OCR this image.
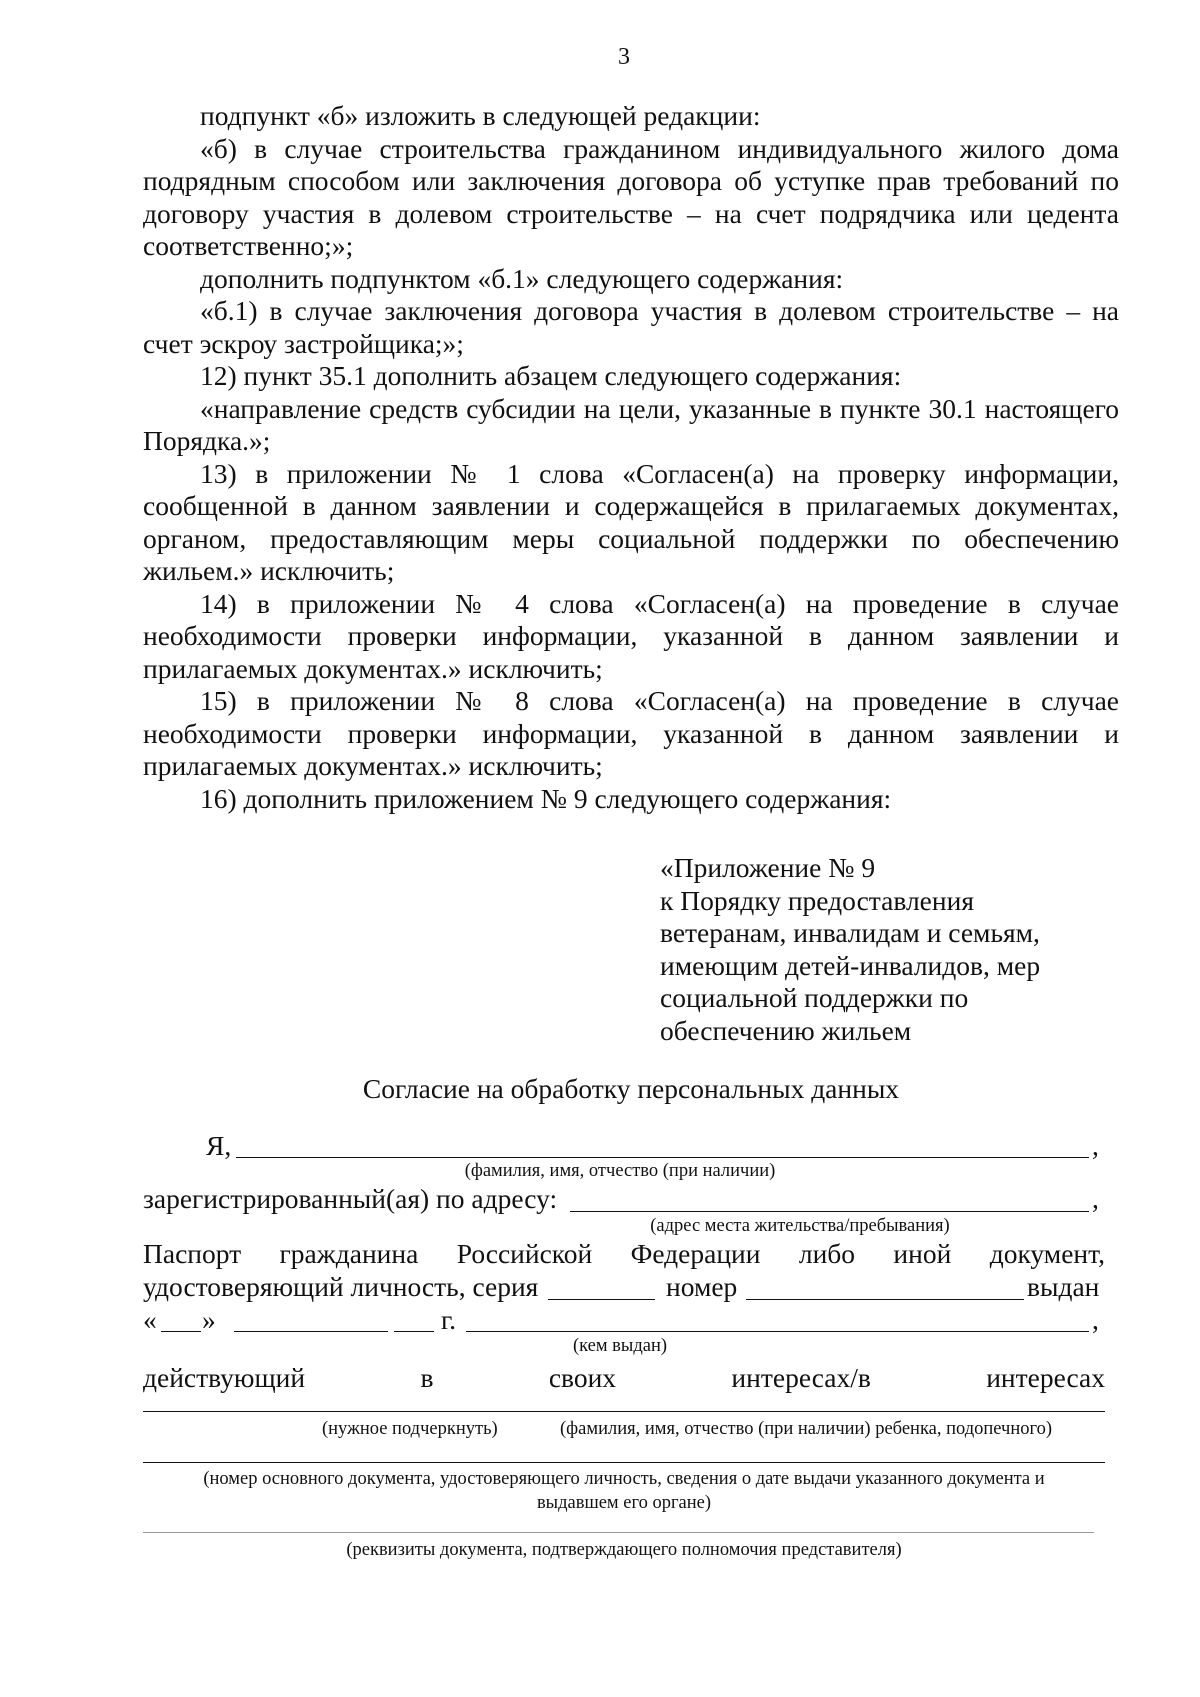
3

подпункт «б» изложить в следующей редакции:

«б) в случае строительства гражданином индивидуального жилого дома подрядным способом или заключения договора об уступке прав требований по договору участия в долевом строительстве – на счет подрядчика или цедента соответственно;»;

дополнить подпунктом «б.1» следующего содержания:

«б.1) в случае заключения договора участия в долевом строительстве – на счет эскроу застройщика;»;

12) пункт 35.1 дополнить абзацем следующего содержания:

«направление средств субсидии на цели, указанные в пункте 30.1 настоящего Порядка.»;

13) в приложении № 1 слова «Согласен(а) на проверку информации, сообщенной в данном заявлении и содержащейся в прилагаемых документах, органом, предоставляющим меры социальной поддержки по обеспечению жильем.» исключить;

14) в приложении № 4 слова «Согласен(а) на проведение в случае необходимости проверки информации, указанной в данном заявлении и прилагаемых документах.» исключить;

15) в приложении № 8 слова «Согласен(а) на проведение в случае необходимости проверки информации, указанной в данном заявлении и прилагаемых документах.» исключить;

16) дополнить приложением № 9 следующего содержания:

«Приложение № 9
к Порядку предоставления
ветеранам, инвалидам и семьям,
имеющим детей-инвалидов, мер
социальной поддержки по
обеспечению жильем
Согласие на обработку персональных данных
Я,	,
(фамилия, имя, отчество (при наличии)
зарегистрированный(ая) по адресу:	,
(адрес места жительства/пребывания)
Паспорт гражданина Российской Федерации либо иной документ,
удостоверяющий личность, серия	номер	выдан
« »	г.	,
(кем выдан)
действующий	в	своих	интересах/в	интересах
(нужное подчеркнуть)	(фамилия, имя, отчество (при наличии) ребенка, подопечного)
(номер основного документа, удостоверяющего личность, сведения о дате выдачи указанного документа и
выдавшем его органе)
(реквизиты документа, подтверждающего полномочия представителя)
